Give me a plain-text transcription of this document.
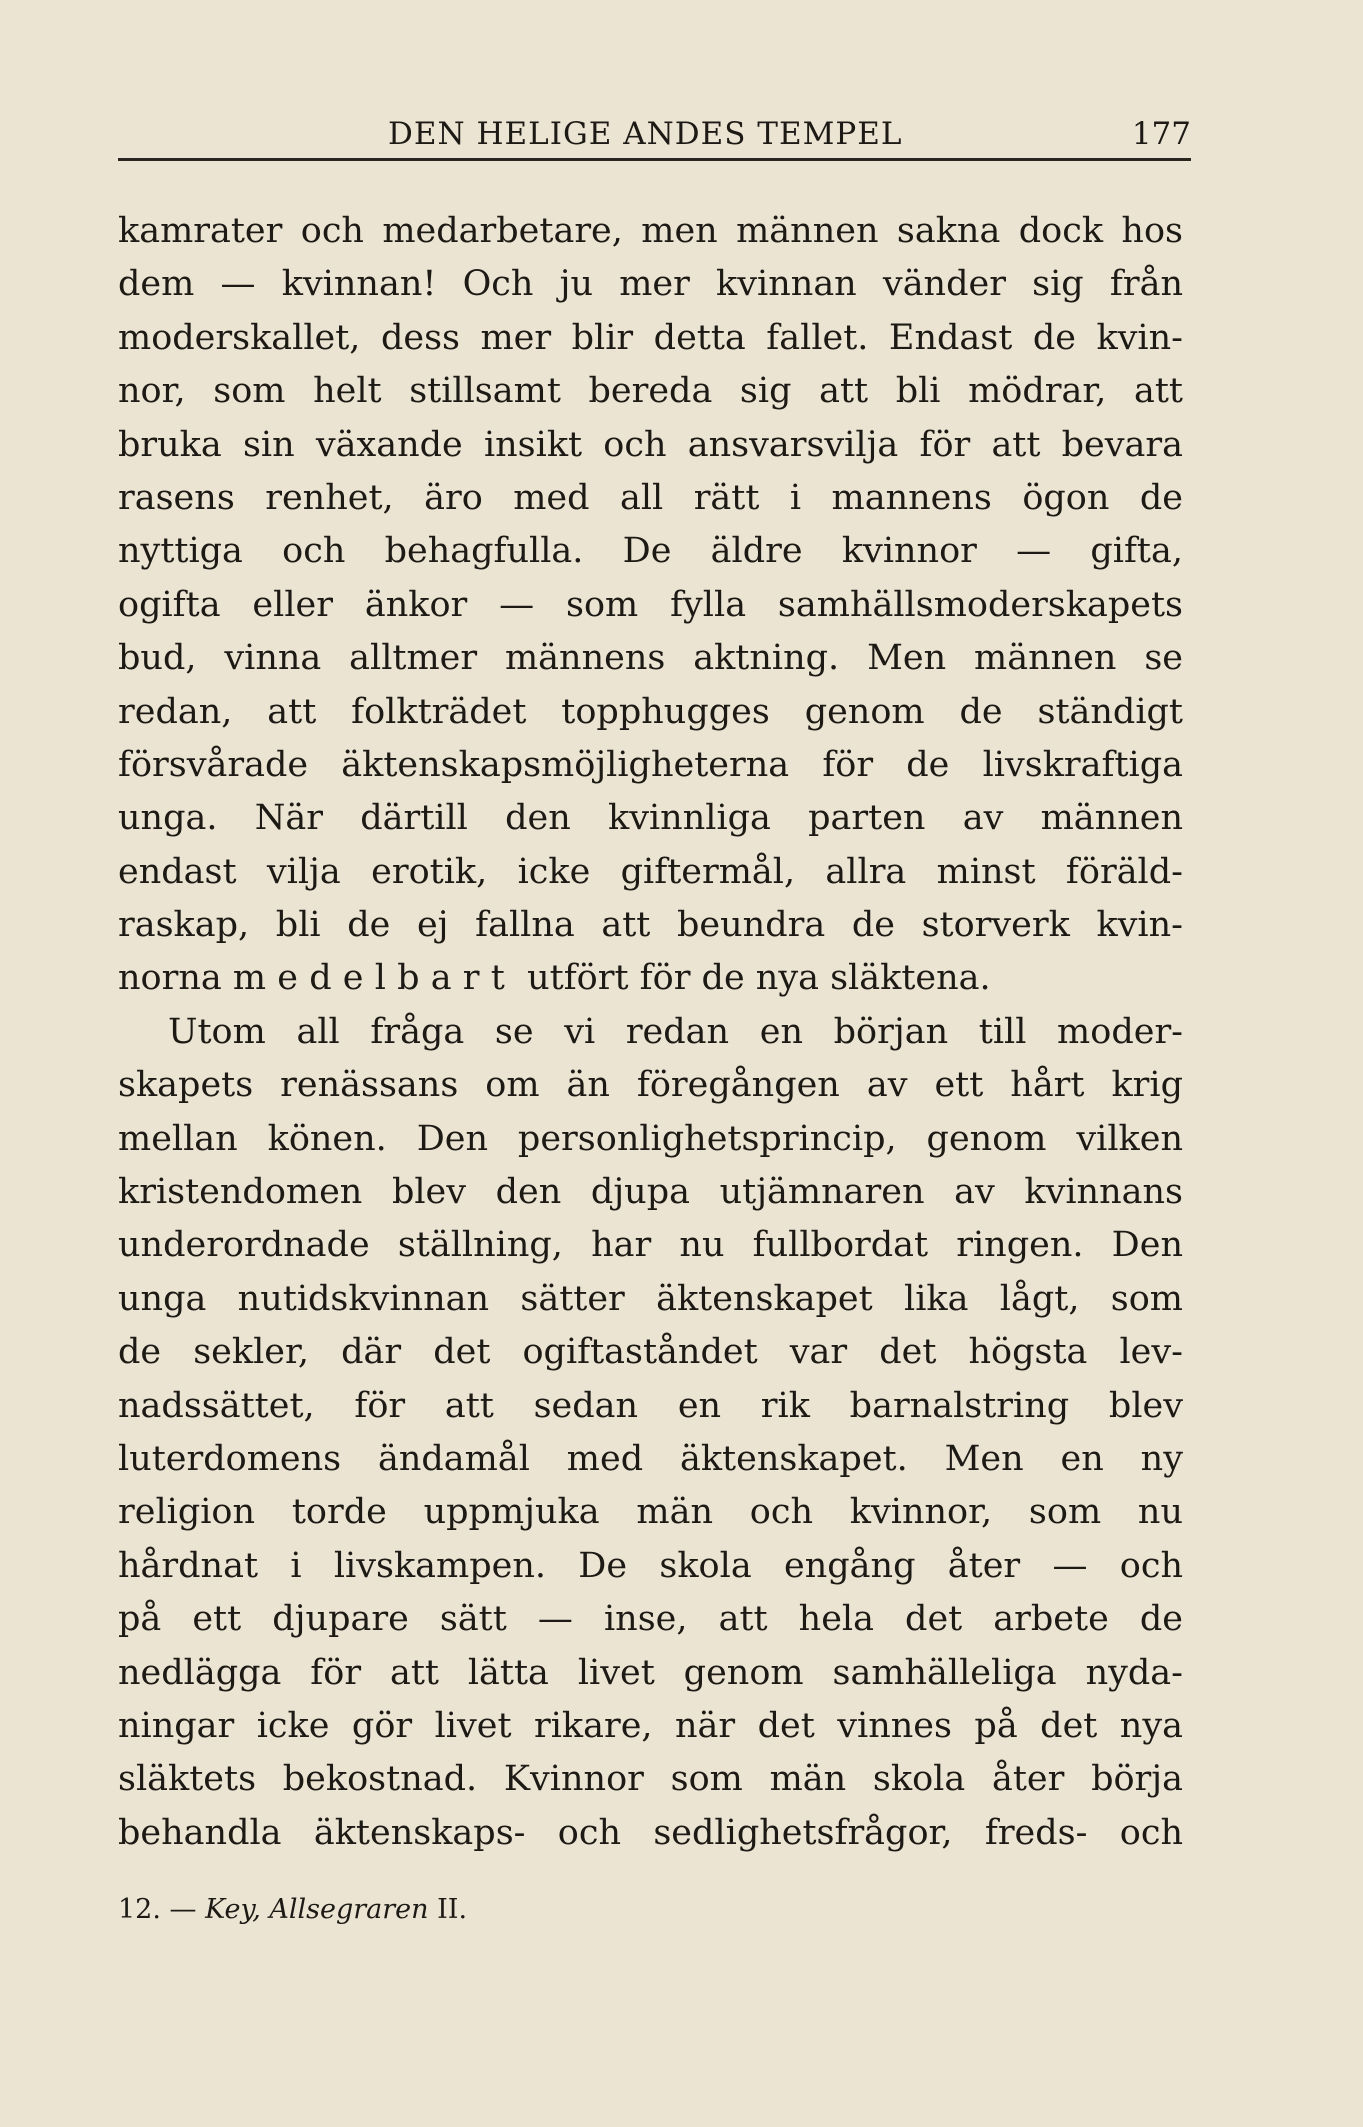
DEN HELIGE ANDES TEMPEL	177
kamrater och medarbetare, men männen sakna dock hos
dem — kvinnan! Och ju mer kvinnan vänder sig från
moderskallet, dess mer blir detta fallet. Endast de kvin-
nor, som helt stillsamt bereda sig att bli mödrar, att
bruka sin växande insikt och ansvarsvilja för att bevara
rasens renhet, äro med all rätt i mannens ögon de
nyttiga och behagfulla. De äldre kvinnor — gifta,
ogifta eller änkor — som fylla samhällsmoderskapets
bud, vinna alltmer männens aktning. Men männen se
redan, att folkträdet topphugges genom de ständigt
försvårade äktenskapsmöjligheterna för de livskraftiga
unga. När därtill den kvinnliga parten av männen
endast vilja erotik, icke giftermål, allra minst föräld-
raskap, bli de ej fallna att beundra de storverk kvin-
norna medelbart utfört för de nya släktena.
Utom all fråga se vi redan en början till moder-
skapets renässans om än föregången av ett hårt krig
mellan könen. Den personlighetsprincip, genom vilken
kristendomen blev den djupa utjämnaren av kvinnans
underordnade ställning, har nu fullbordat ringen. Den
unga nutidskvinnan sätter äktenskapet lika lågt, som
de sekler, där det ogiftaståndet var det högsta lev-
nadssättet, för att sedan en rik barnalstring blev
luterdomens ändamål med äktenskapet. Men en ny
religion torde uppmjuka män och kvinnor, som nu
hårdnat i livskampen. De skola engång åter — och
på ett djupare sätt — inse, att hela det arbete de
nedlägga för att lätta livet genom samhälleliga nyda-
ningar icke gör livet rikare, när det vinnes på det nya
släktets bekostnad. Kvinnor som män skola åter börja
behandla äktenskaps- och sedlighetsfrågor, freds- och
12. — Key, Allsegraren II.
